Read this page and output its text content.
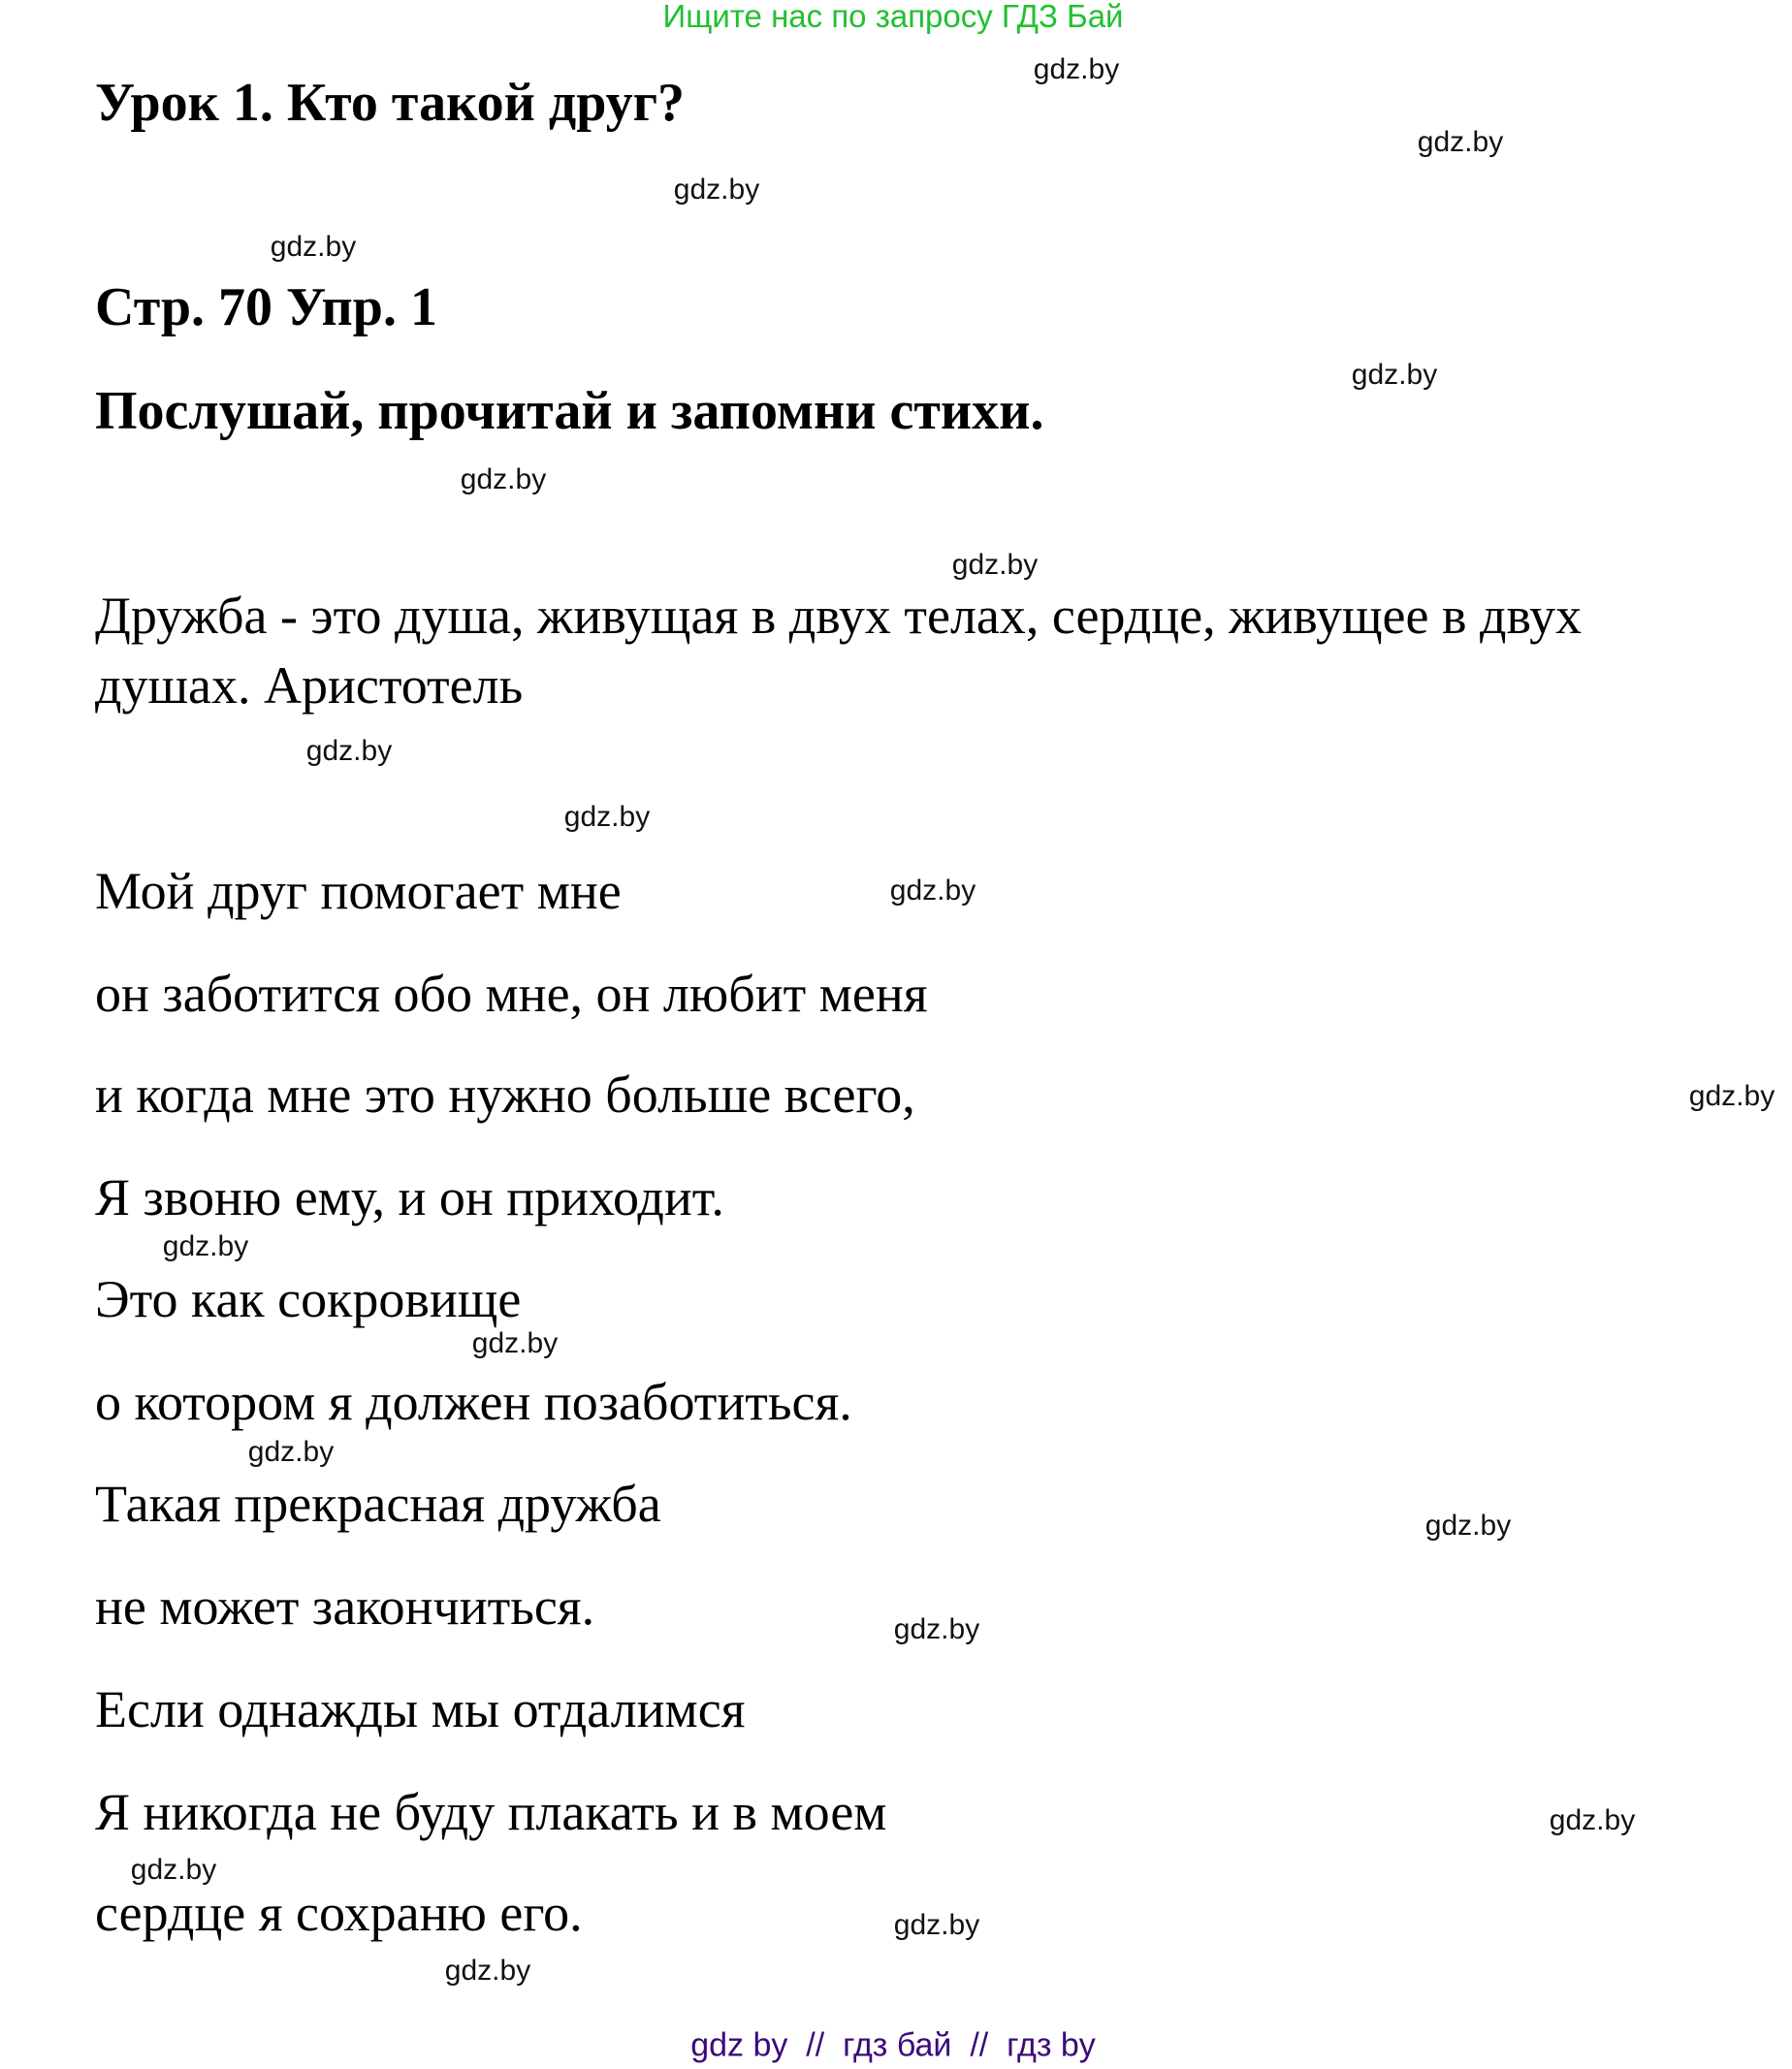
Ищите нас по запросу ГДЗ Бай
Урок 1. Кто такой друг?
Стр. 70 Упр. 1
Послушай, прочитай и запомни стихи.
Дружба - это душа, живущая в двух телах, сердце, живущее в двух
душах. Аристотель
Мой друг помогает мне
он заботится обо мне, он любит меня
и когда мне это нужно больше всего,
Я звоню ему, и он приходит.
Это как сокровище
о котором я должен позаботиться.
Такая прекрасная дружба
не может закончиться.
Если однажды мы отдалимся
Я никогда не буду плакать и в моем
сердце я сохраню его.
gdz.by
gdz.by
gdz.by
gdz.by
gdz.by
gdz.by
gdz.by
gdz.by
gdz.by
gdz.by
gdz.by
gdz.by
gdz.by
gdz.by
gdz.by
gdz.by
gdz.by
gdz.by
gdz.by
gdz.by
gdz by  //  гдз бай  //  гдз by
